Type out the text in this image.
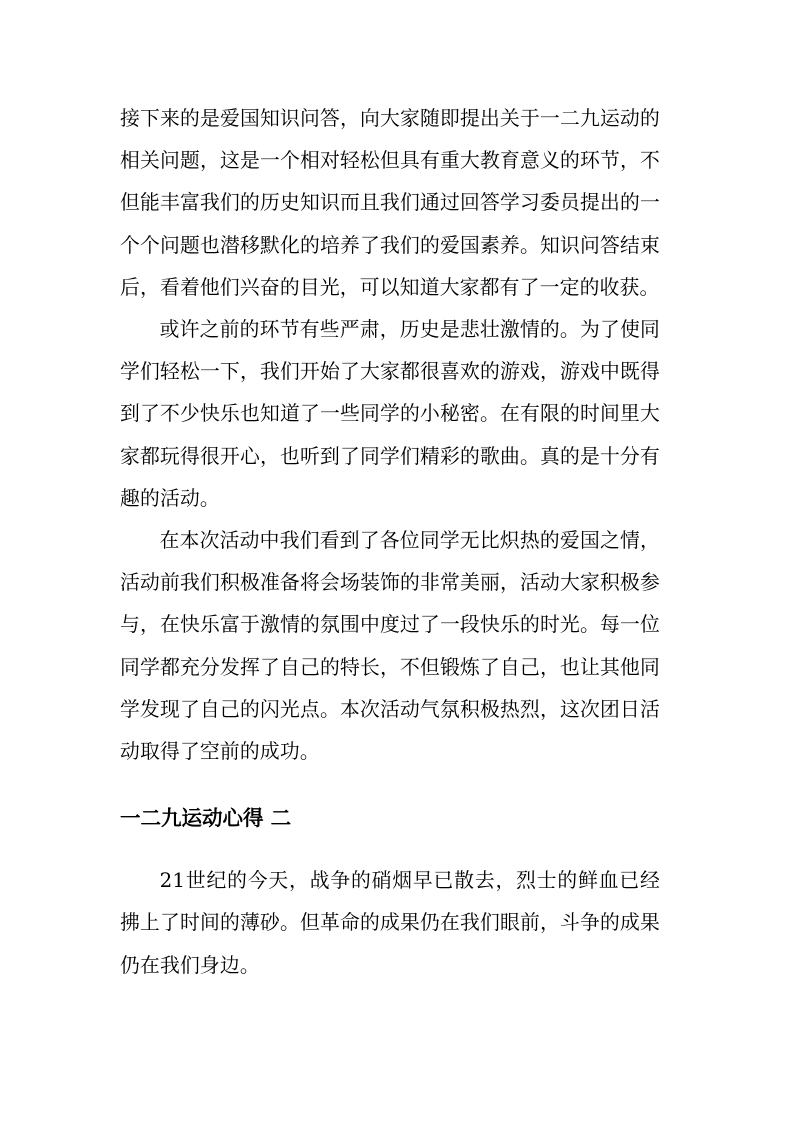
接下来的是爱国知识问答，向大家随即提出关于一二九运动的相关问题，这是一个相对轻松但具有重大教育意义的环节，不但能丰富我们的历史知识而且我们通过回答学习委员提出的一个个问题也潜移默化的培养了我们的爱国素养。知识问答结束后，看着他们兴奋的目光，可以知道大家都有了一定的收获。

或许之前的环节有些严肃，历史是悲壮激情的。为了使同学们轻松一下，我们开始了大家都很喜欢的游戏，游戏中既得到了不少快乐也知道了一些同学的小秘密。在有限的时间里大家都玩得很开心，也听到了同学们精彩的歌曲。真的是十分有趣的活动。

在本次活动中我们看到了各位同学无比炽热的爱国之情，活动前我们积极准备将会场装饰的非常美丽，活动大家积极参与，在快乐富于激情的氛围中度过了一段快乐的时光。每一位同学都充分发挥了自己的特长，不但锻炼了自己，也让其他同学发现了自己的闪光点。本次活动气氛积极热烈，这次团日活动取得了空前的成功。

一二九运动心得 二

21世纪的今天，战争的硝烟早已散去，烈士的鲜血已经拂上了时间的薄砂。但革命的成果仍在我们眼前，斗争的成果仍在我们身边。
